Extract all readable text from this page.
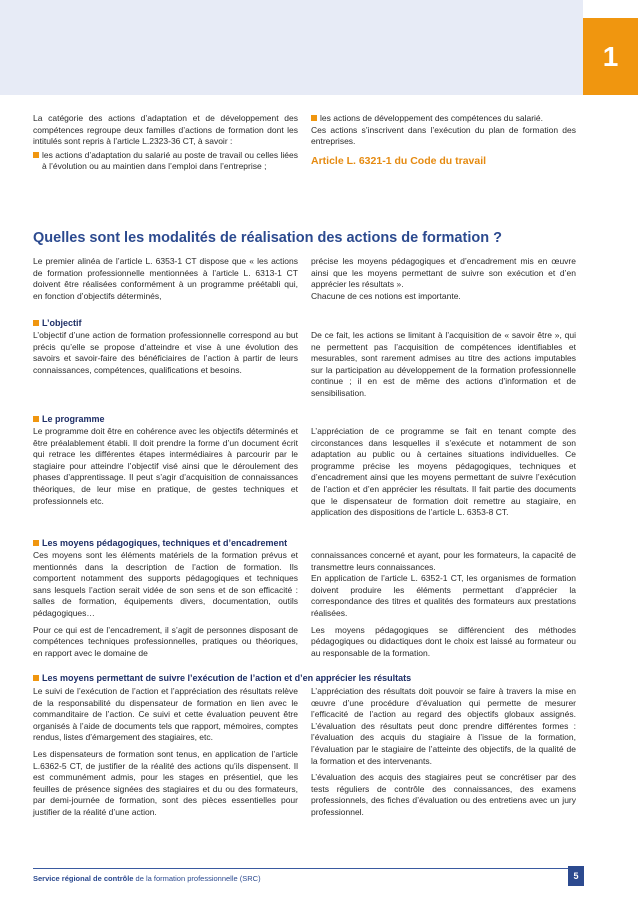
1

La catégorie des actions d’adaptation et de développement des compétences regroupe deux familles d’actions de formation dont les intitulés sont repris à l’article L.2323-36 CT, à savoir :

les actions d’adaptation du salarié au poste de travail ou celles liées à l’évolution ou au maintien dans l’emploi dans l’entreprise ;

les actions de développement des compétences du salarié.

Ces actions s’inscrivent dans l’exécution du plan de formation des entreprises.

Article L. 6321-1 du Code du travail
Quelles sont les modalités de réalisation des actions de formation ?

Le premier alinéa de l’article L. 6353-1 CT dispose que « les actions de formation professionnelle mentionnées à l’article L. 6313-1 CT doivent être réalisées conformément à un programme préétabli qui, en fonction d’objectifs déterminés,

précise les moyens pédagogiques et d’encadrement mis en œuvre ainsi que les moyens permettant de suivre son exécution et d’en apprécier les résultats ».

Chacune de ces notions est importante.

L’objectif

L’objectif d’une action de formation professionnelle correspond au but précis qu’elle se propose d’atteindre et vise à une évolution des savoirs et savoir-faire des bénéficiaires de l’action à partir de leurs connaissances, compétences, qualifications et besoins.

De ce fait, les actions se limitant à l’acquisition de « savoir être », qui ne permettent pas l’acquisition de compétences identifiables et mesurables, sont rarement admises au titre des actions imputables sur la participation au développement de la formation professionnelle continue ; il en est de même des actions d’information et de sensibilisation.

Le programme

Le programme doit être en cohérence avec les objectifs déterminés et être préalablement établi. Il doit prendre la forme d’un document écrit qui retrace les différentes étapes intermédiaires à parcourir par le stagiaire pour atteindre l’objectif visé ainsi que le déroulement des phases d’apprentissage. Il peut s’agir d’acquisition de connaissances théoriques, de leur mise en pratique, de gestes techniques et professionnels etc.

L’appréciation de ce programme se fait en tenant compte des circonstances dans lesquelles il s’exécute et notamment de son adaptation au public ou à certaines situations individuelles. Ce programme précise les moyens pédagogiques, techniques et d’encadrement ainsi que les moyens permettant de suivre l’exécution de l’action et d’en apprécier les résultats. Il fait partie des documents que le dispensateur de formation doit remettre au stagiaire, en application des dispositions de l’article L. 6353-8 CT.

Les moyens pédagogiques, techniques et d’encadrement

Ces moyens sont les éléments matériels de la formation prévus et mentionnés dans la description de l’action de formation. Ils comportent notamment des supports pédagogiques et techniques sans lesquels l’action serait vidée de son sens et de son efficacité : salles de formation, équipements divers, documentation, outils pédagogiques…

Pour ce qui est de l’encadrement, il s’agit de personnes disposant de compétences techniques professionnelles, pratiques ou théoriques, en rapport avec le domaine de

connaissances concerné et ayant, pour les formateurs, la capacité de transmettre leurs connaissances.

En application de l’article L. 6352-1 CT, les organismes de formation doivent produire les éléments permettant d’apprécier la correspondance des titres et qualités des formateurs aux prestations réalisées.

Les moyens pédagogiques se différencient des méthodes pédagogiques ou didactiques dont le choix est laissé au formateur ou au responsable de la formation.

Les moyens permettant de suivre l’exécution de l’action et d’en apprécier les résultats

Le suivi de l’exécution de l’action et l’appréciation des résultats relève de la responsabilité du dispensateur de formation en lien avec le commanditaire de l’action. Ce suivi et cette évaluation peuvent être organisés à l’aide de documents tels que rapport, mémoires, comptes rendus, listes d’émargement des stagiaires, etc.

Les dispensateurs de formation sont tenus, en application de l’article L.6362-5 CT, de justifier de la réalité des actions qu’ils dispensent. Il est communément admis, pour les stages en présentiel, que les feuilles de présence signées des stagiaires et du ou des formateurs, par demi-journée de formation, sont des pièces essentielles pour justifier de la réalité d’une action.

L’appréciation des résultats doit pouvoir se faire à travers la mise en œuvre d’une procédure d’évaluation qui permette de mesurer l’efficacité de l’action au regard des objectifs globaux assignés. L’évaluation des résultats peut donc prendre différentes formes : l’évaluation des acquis du stagiaire à l’issue de la formation, l’évaluation par le stagiaire de l’atteinte des objectifs, de la qualité de la formation et des intervenants.

L’évaluation des acquis des stagiaires peut se concrétiser par des tests réguliers de contrôle des connaissances, des examens professionnels, des fiches d’évaluation ou des entretiens avec un jury professionnel.

Service régional de contrôle de la formation professionnelle (SRC)	5
